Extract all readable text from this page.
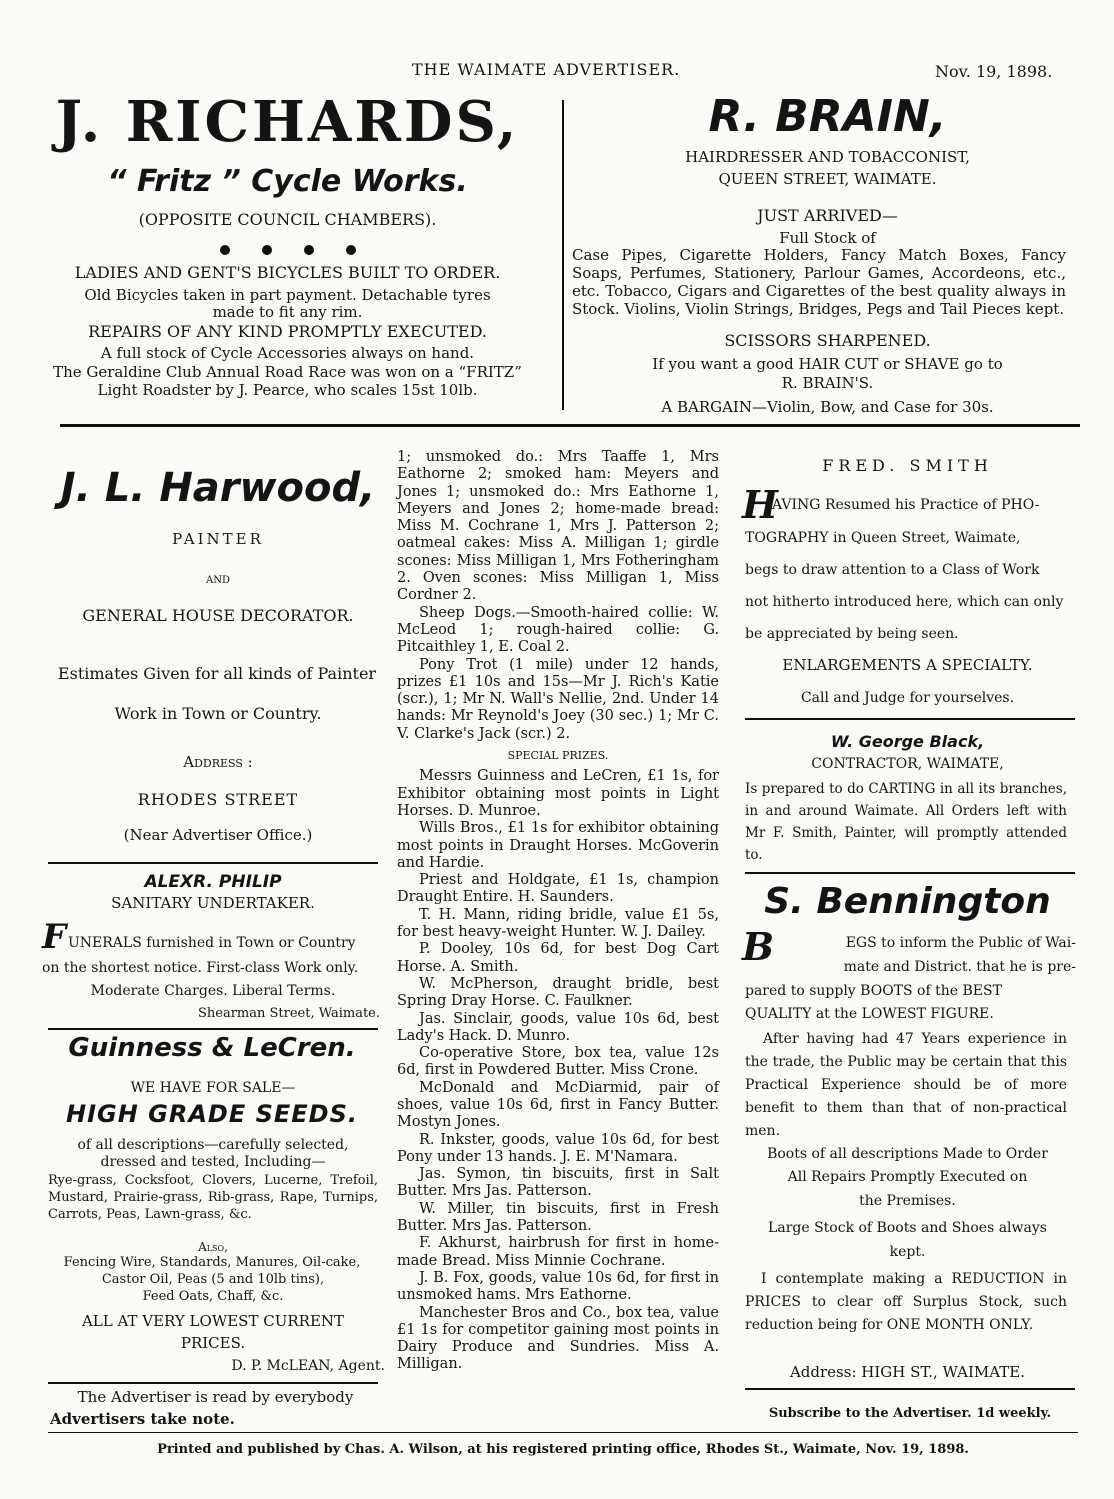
THE WAIMATE ADVERTISER.	Nov. 19, 1898.
J. RICHARDS,
“ Fritz ” Cycle Works.
(OPPOSITE COUNCIL CHAMBERS).
LADIES AND GENT'S BICYCLES BUILT TO ORDER.
Old Bicycles taken in part payment. Detachable tyres
made to fit any rim.
REPAIRS OF ANY KIND PROMPTLY EXECUTED.
A full stock of Cycle Accessories always on hand.
The Geraldine Club Annual Road Race was won on a “FRITZ”
Light Roadster by J. Pearce, who scales 15st 10lb.
R. BRAIN,
HAIRDRESSER AND TOBACCONIST,
QUEEN STREET, WAIMATE.
JUST ARRIVED—
Full Stock of
Case Pipes, Cigarette Holders, Fancy Match Boxes, Fancy Soaps, Perfumes, Stationery, Parlour Games, Accordeons, etc., etc. Tobacco, Cigars and Cigarettes of the best quality always in Stock. Violins, Violin Strings, Bridges, Pegs and Tail Pieces kept.
SCISSORS SHARPENED.
If you want a good HAIR CUT or SHAVE go to
R. BRAIN'S.
A BARGAIN—Violin, Bow, and Case for 30s.
J. L. Harwood,
PAINTER
AND
GENERAL HOUSE DECORATOR.
Estimates Given for all kinds of Painter
Work in Town or Country.
Address :
RHODES STREET
(Near Advertiser Office.)
ALEXR. PHILIP
SANITARY UNDERTAKER.
F UNERALS furnished in Town or Country
on the shortest notice. First-class Work only.
Moderate Charges. Liberal Terms.
Shearman Street, Waimate.
Guinness & LeCren.
WE HAVE FOR SALE—
HIGH GRADE SEEDS.
of all descriptions—carefully selected,
dressed and tested, Including—
Rye-grass, Cocksfoot, Clovers, Lucerne, Trefoil, Mustard, Prairie-grass, Rib-grass, Rape, Turnips, Carrots, Peas, Lawn-grass, &c.
Also,
Fencing Wire, Standards, Manures, Oil-cake,
Castor Oil, Peas (5 and 10lb tins),
Feed Oats, Chaff, &c.
ALL AT VERY LOWEST CURRENT
PRICES.
D. P. McLEAN, Agent.
The Advertiser is read by everybody
Advertisers take note.

1; unsmoked do.: Mrs Taaffe 1, Mrs Eathorne 2; smoked ham: Meyers and Jones 1; unsmoked do.: Mrs Eathorne 1, Meyers and Jones 2; home-made bread: Miss M. Cochrane 1, Mrs J. Patterson 2; oatmeal cakes: Miss A. Milligan 1; girdle scones: Miss Milligan 1, Mrs Fotheringham 2. Oven scones: Miss Milligan 1, Miss Cordner 2.

Sheep Dogs.—Smooth-haired collie: W. McLeod 1; rough-haired collie: G. Pitcaithley 1, E. Coal 2.

Pony Trot (1 mile) under 12 hands, prizes £1 10s and 15s—Mr J. Rich's Katie (scr.), 1; Mr N. Wall's Nellie, 2nd. Under 14 hands: Mr Reynold's Joey (30 sec.) 1; Mr C. V. Clarke's Jack (scr.) 2.

SPECIAL PRIZES.

Messrs Guinness and LeCren, £1 1s, for Exhibitor obtaining most points in Light Horses. D. Munroe.

Wills Bros., £1 1s for exhibitor obtaining most points in Draught Horses. McGoverin and Hardie.

Priest and Holdgate, £1 1s, champion Draught Entire. H. Saunders.

T. H. Mann, riding bridle, value £1 5s, for best heavy-weight Hunter. W. J. Dailey.

P. Dooley, 10s 6d, for best Dog Cart Horse. A. Smith.

W. McPherson, draught bridle, best Spring Dray Horse. C. Faulkner.

Jas. Sinclair, goods, value 10s 6d, best Lady's Hack. D. Munro.

Co-operative Store, box tea, value 12s 6d, first in Powdered Butter. Miss Crone.

McDonald and McDiarmid, pair of shoes, value 10s 6d, first in Fancy Butter. Mostyn Jones.

R. Inkster, goods, value 10s 6d, for best Pony under 13 hands. J. E. M'Namara.

Jas. Symon, tin biscuits, first in Salt Butter. Mrs Jas. Patterson.

W. Miller, tin biscuits, first in Fresh Butter. Mrs Jas. Patterson.

F. Akhurst, hairbrush for first in home-made Bread. Miss Minnie Cochrane.

J. B. Fox, goods, value 10s 6d, for first in unsmoked hams. Mrs Eathorne.

Manchester Bros and Co., box tea, value £1 1s for competitor gaining most points in Dairy Produce and Sundries. Miss A. Milligan.

FRED. SMITH
H
AVING Resumed his Practice of PHO-
TOGRAPHY in Queen Street, Waimate,
begs to draw attention to a Class of Work
not hitherto introduced here, which can only
be appreciated by being seen.
ENLARGEMENTS A SPECIALTY.
Call and Judge for yourselves.
W. George Black,
CONTRACTOR, WAIMATE,
Is prepared to do CARTING in all its branches, in and around Waimate. All Orders left with Mr F. Smith, Painter, will promptly attended to.
S. Bennington
B	EGS to inform the Public of Wai-
mate and District. that he is pre-
pared to supply BOOTS of the BEST
QUALITY at the LOWEST FIGURE.
After having had 47 Years experience in the trade, the Public may be certain that this Practical Experience should be of more benefit to them than that of non-practical men.
Boots of all descriptions Made to Order
All Repairs Promptly Executed on
the Premises.
Large Stock of Boots and Shoes always
kept.
I contemplate making a REDUCTION in PRICES to clear off Surplus Stock, such reduction being for ONE MONTH ONLY.
Address: HIGH ST., WAIMATE.
Subscribe to the Advertiser. 1d weekly.
Printed and published by Chas. A. Wilson, at his registered printing office, Rhodes St., Waimate, Nov. 19, 1898.
